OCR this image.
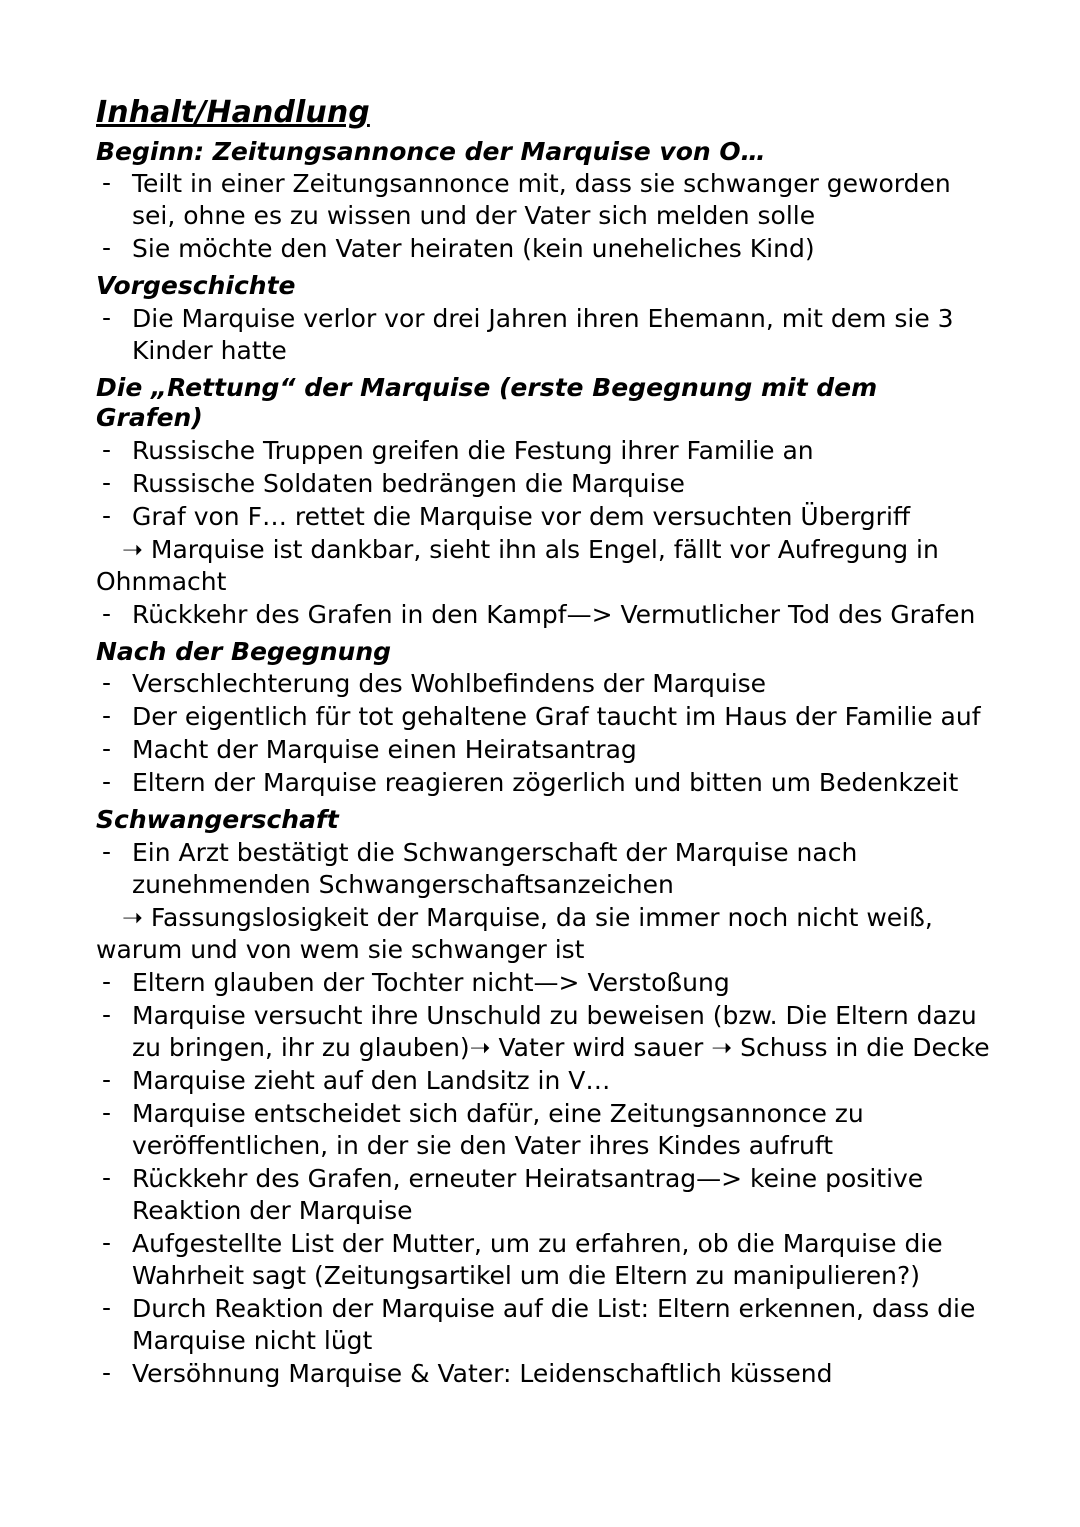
Inhalt/Handlung
Beginn: Zeitungsannonce der Marquise von O…
- Teilt in einer Zeitungsannonce mit, dass sie schwanger geworden sei, ohne es zu wissen und der Vater sich melden solle
- Sie möchte den Vater heiraten (kein uneheliches Kind)
Vorgeschichte
- Die Marquise verlor vor drei Jahren ihren Ehemann, mit dem sie 3 Kinder hatte
Die „Rettung“ der Marquise (erste Begegnung mit dem Grafen)
- Russische Truppen greifen die Festung ihrer Familie an
- Russische Soldaten bedrängen die Marquise
- Graf von F… rettet die Marquise vor dem versuchten Übergriff

➝ Marquise ist dankbar, sieht ihn als Engel, fällt vor Aufregung in Ohnmacht

- Rückkehr des Grafen in den Kampf—> Vermutlicher Tod des Grafen
Nach der Begegnung
- Verschlechterung des Wohlbefindens der Marquise
- Der eigentlich für tot gehaltene Graf taucht im Haus der Familie auf
- Macht der Marquise einen Heiratsantrag
- Eltern der Marquise reagieren zögerlich und bitten um Bedenkzeit
Schwangerschaft
- Ein Arzt bestätigt die Schwangerschaft der Marquise nach zunehmenden Schwangerschaftsanzeichen

➝ Fassungslosigkeit der Marquise, da sie immer noch nicht weiß, warum und von wem sie schwanger ist

- Eltern glauben der Tochter nicht—> Verstoßung
- Marquise versucht ihre Unschuld zu beweisen (bzw. Die Eltern dazu zu bringen, ihr zu glauben)➝ Vater wird sauer ➝ Schuss in die Decke
- Marquise zieht auf den Landsitz in V…
- Marquise entscheidet sich dafür, eine Zeitungsannonce zu veröffentlichen, in der sie den Vater ihres Kindes aufruft
- Rückkehr des Grafen, erneuter Heiratsantrag—> keine positive Reaktion der Marquise
- Aufgestellte List der Mutter, um zu erfahren, ob die Marquise die Wahrheit sagt (Zeitungsartikel um die Eltern zu manipulieren?)
- Durch Reaktion der Marquise auf die List: Eltern erkennen, dass die Marquise nicht lügt
- Versöhnung Marquise & Vater: Leidenschaftlich küssend
